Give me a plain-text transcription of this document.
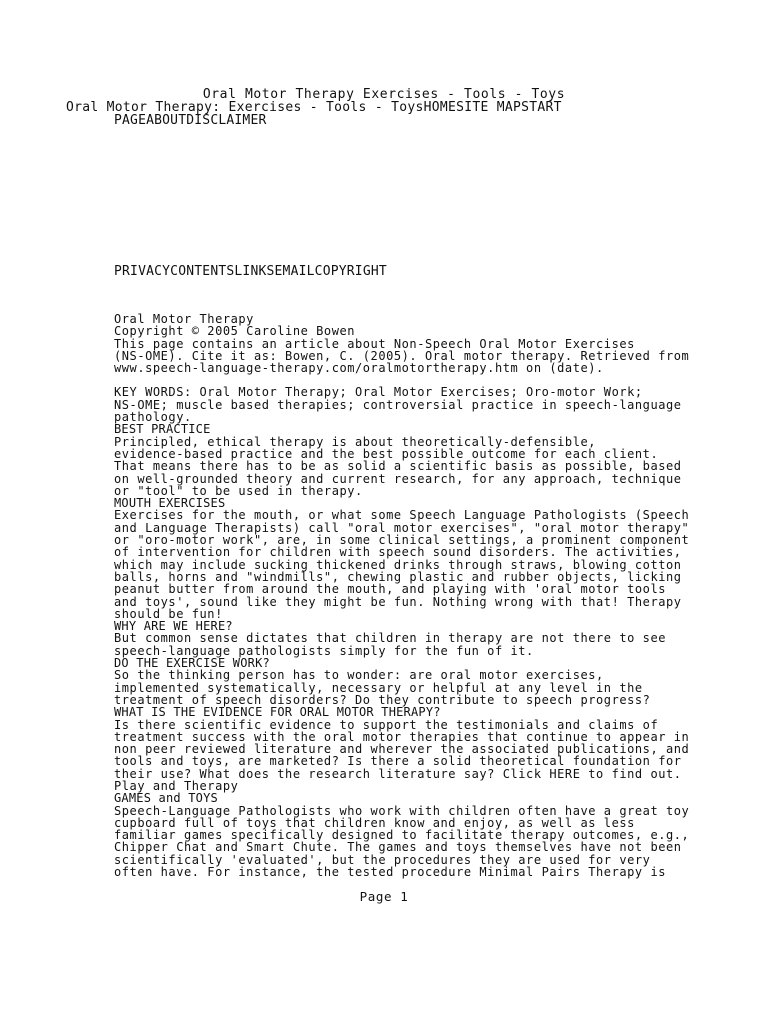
Oral Motor Therapy Exercises - Tools - Toys
Oral Motor Therapy: Exercises - Tools - ToysHOMESITE MAPSTART
PAGEABOUTDISCLAIMER
PRIVACYCONTENTSLINKSEMAILCOPYRIGHT

Oral Motor Therapy

Copyright © 2005 Caroline Bowen

This page contains an article about Non-Speech Oral Motor Exercises
(NS-OME). Cite it as: Bowen, C. (2005). Oral motor therapy. Retrieved from
www.speech-language-therapy.com/oralmotortherapy.htm on (date).

KEY WORDS: Oral Motor Therapy; Oral Motor Exercises; Oro-motor Work;
NS-OME; muscle based therapies; controversial practice in speech-language
pathology.

BEST PRACTICE

Principled, ethical therapy is about theoretically-defensible,
evidence-based practice and the best possible outcome for each client.
That means there has to be as solid a scientific basis as possible, based
on well-grounded theory and current research, for any approach, technique
or "tool" to be used in therapy.

MOUTH EXERCISES

Exercises for the mouth, or what some Speech Language Pathologists (Speech
and Language Therapists) call "oral motor exercises", "oral motor therapy"
or "oro-motor work", are, in some clinical settings, a prominent component
of intervention for children with speech sound disorders. The activities,
which may include sucking thickened drinks through straws, blowing cotton
balls, horns and "windmills", chewing plastic and rubber objects, licking
peanut butter from around the mouth, and playing with 'oral motor tools
and toys', sound like they might be fun. Nothing wrong with that! Therapy
should be fun!

WHY ARE WE HERE?

But common sense dictates that children in therapy are not there to see
speech-language pathologists simply for the fun of it.

DO THE EXERCISE WORK?

So the thinking person has to wonder: are oral motor exercises,
implemented systematically, necessary or helpful at any level in the
treatment of speech disorders? Do they contribute to speech progress?

WHAT IS THE EVIDENCE FOR ORAL MOTOR THERAPY?

Is there scientific evidence to support the testimonials and claims of
treatment success with the oral motor therapies that continue to appear in
non peer reviewed literature and wherever the associated publications, and
tools and toys, are marketed? Is there a solid theoretical foundation for
their use? What does the research literature say? Click HERE to find out.
Play and Therapy

GAMES and TOYS

Speech-Language Pathologists who work with children often have a great toy
cupboard full of toys that children know and enjoy, as well as less
familiar games specifically designed to facilitate therapy outcomes, e.g.,
Chipper Chat and Smart Chute. The games and toys themselves have not been
scientifically 'evaluated', but the procedures they are used for very
often have. For instance, the tested procedure Minimal Pairs Therapy is

Page 1
